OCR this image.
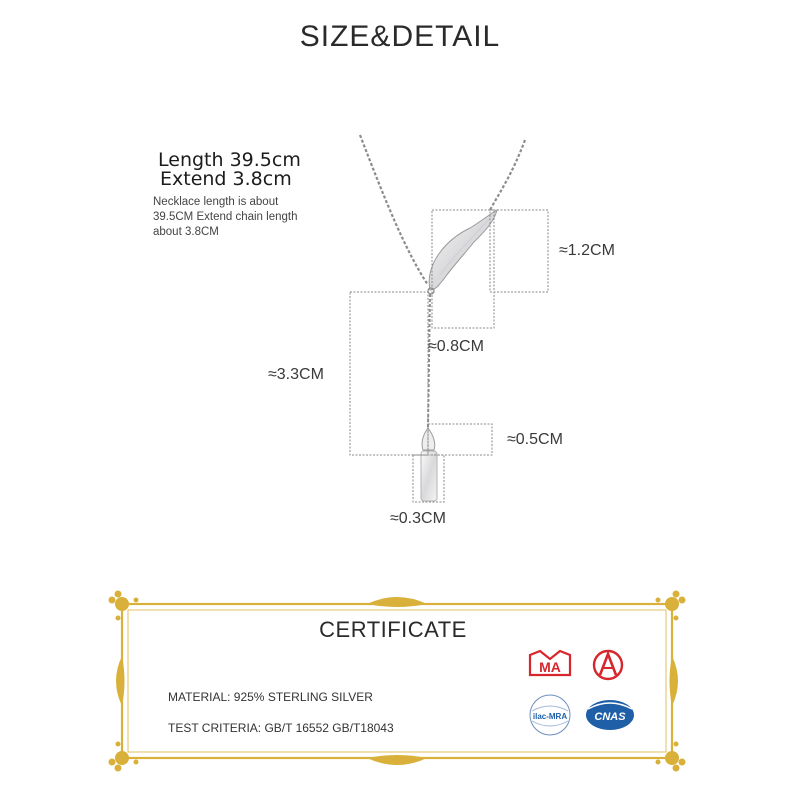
SIZE&DETAIL
Length 39.5cm
Extend 3.8cm
Necklace length is about 39.5CM Extend chain length about 3.8CM
≈1.2CM
≈0.8CM
≈3.3CM
≈0.5CM
≈0.3CM
CERTIFICATE
MATERIAL: 925% STERLING SILVER
TEST CRITERIA: GB/T 16552 GB/T18043
MA
ilac-MRA CNAS
